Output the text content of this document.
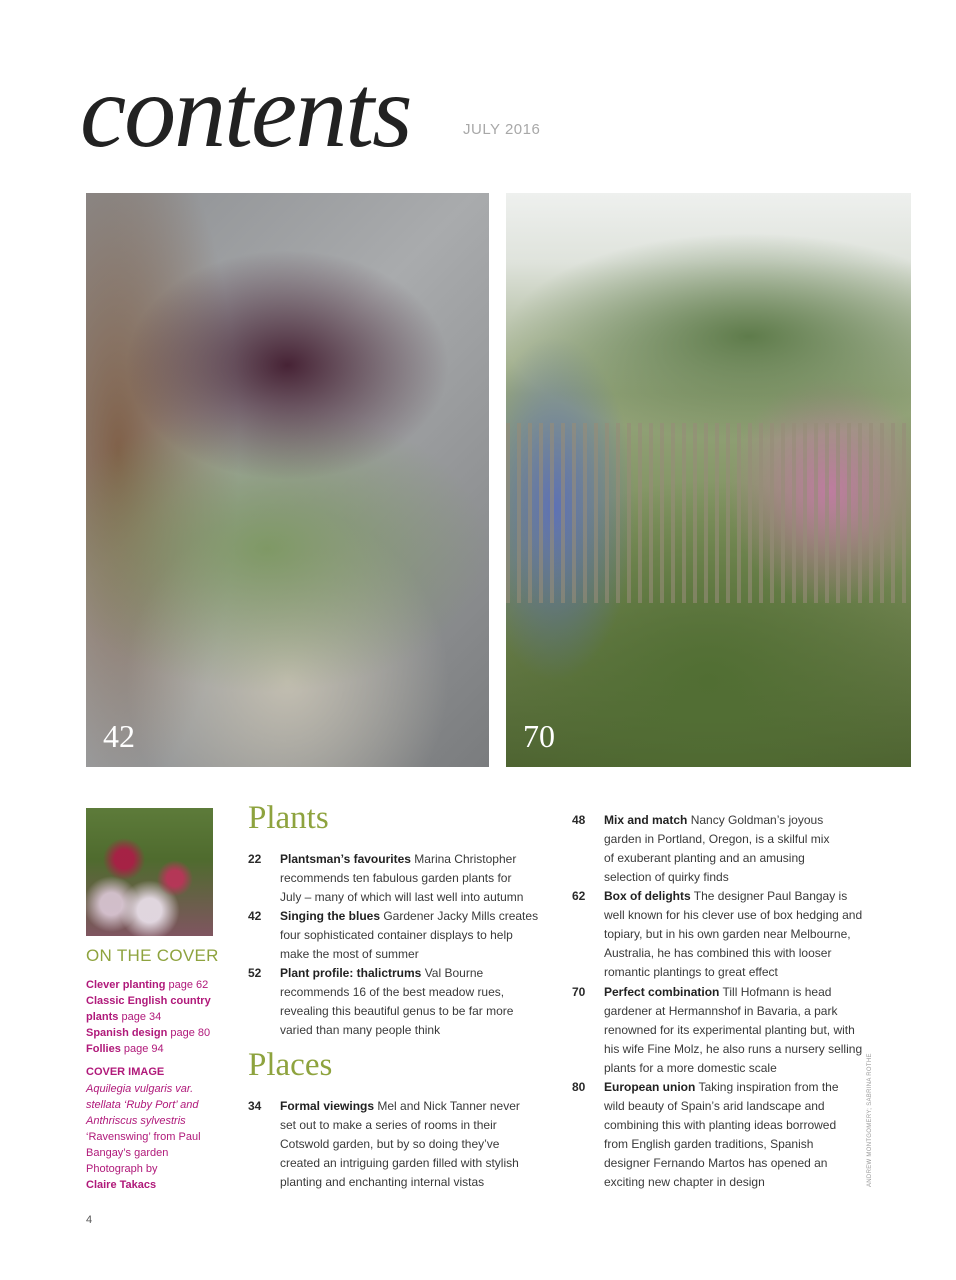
contents	JULY 2016
42	70
ON THE COVER
Clever planting page 62
Classic English country plants page 34
Spanish design page 80
Follies page 94
COVER IMAGE
Aquilegia vulgaris var.
stellata ‘Ruby Port’ and
Anthriscus sylvestris
‘Ravenswing’ from Paul
Bangay’s garden
Photograph by
Claire Takacs
Plants
22 Plantsman’s favourites Marina Christopher
recommends ten fabulous garden plants for
July – many of which will last well into autumn
42 Singing the blues Gardener Jacky Mills creates
four sophisticated container displays to help
make the most of summer
52 Plant profile: thalictrums Val Bourne
recommends 16 of the best meadow rues,
revealing this beautiful genus to be far more
varied than many people think
Places
34 Formal viewings Mel and Nick Tanner never
set out to make a series of rooms in their
Cotswold garden, but by so doing they’ve
created an intriguing garden filled with stylish
planting and enchanting internal vistas
48 Mix and match Nancy Goldman’s joyous
garden in Portland, Oregon, is a skilful mix
of exuberant planting and an amusing
selection of quirky finds
62 Box of delights The designer Paul Bangay is
well known for his clever use of box hedging and
topiary, but in his own garden near Melbourne,
Australia, he has combined this with looser
romantic plantings to great effect
70 Perfect combination Till Hofmann is head
gardener at Hermannshof in Bavaria, a park
renowned for its experimental planting but, with
his wife Fine Molz, he also runs a nursery selling
plants for a more domestic scale
80 European union Taking inspiration from the
wild beauty of Spain’s arid landscape and
combining this with planting ideas borrowed
from English garden traditions, Spanish
designer Fernando Martos has opened an
exciting new chapter in design	ANDREW MONTGOMERY; SABRINA ROTHE
4
